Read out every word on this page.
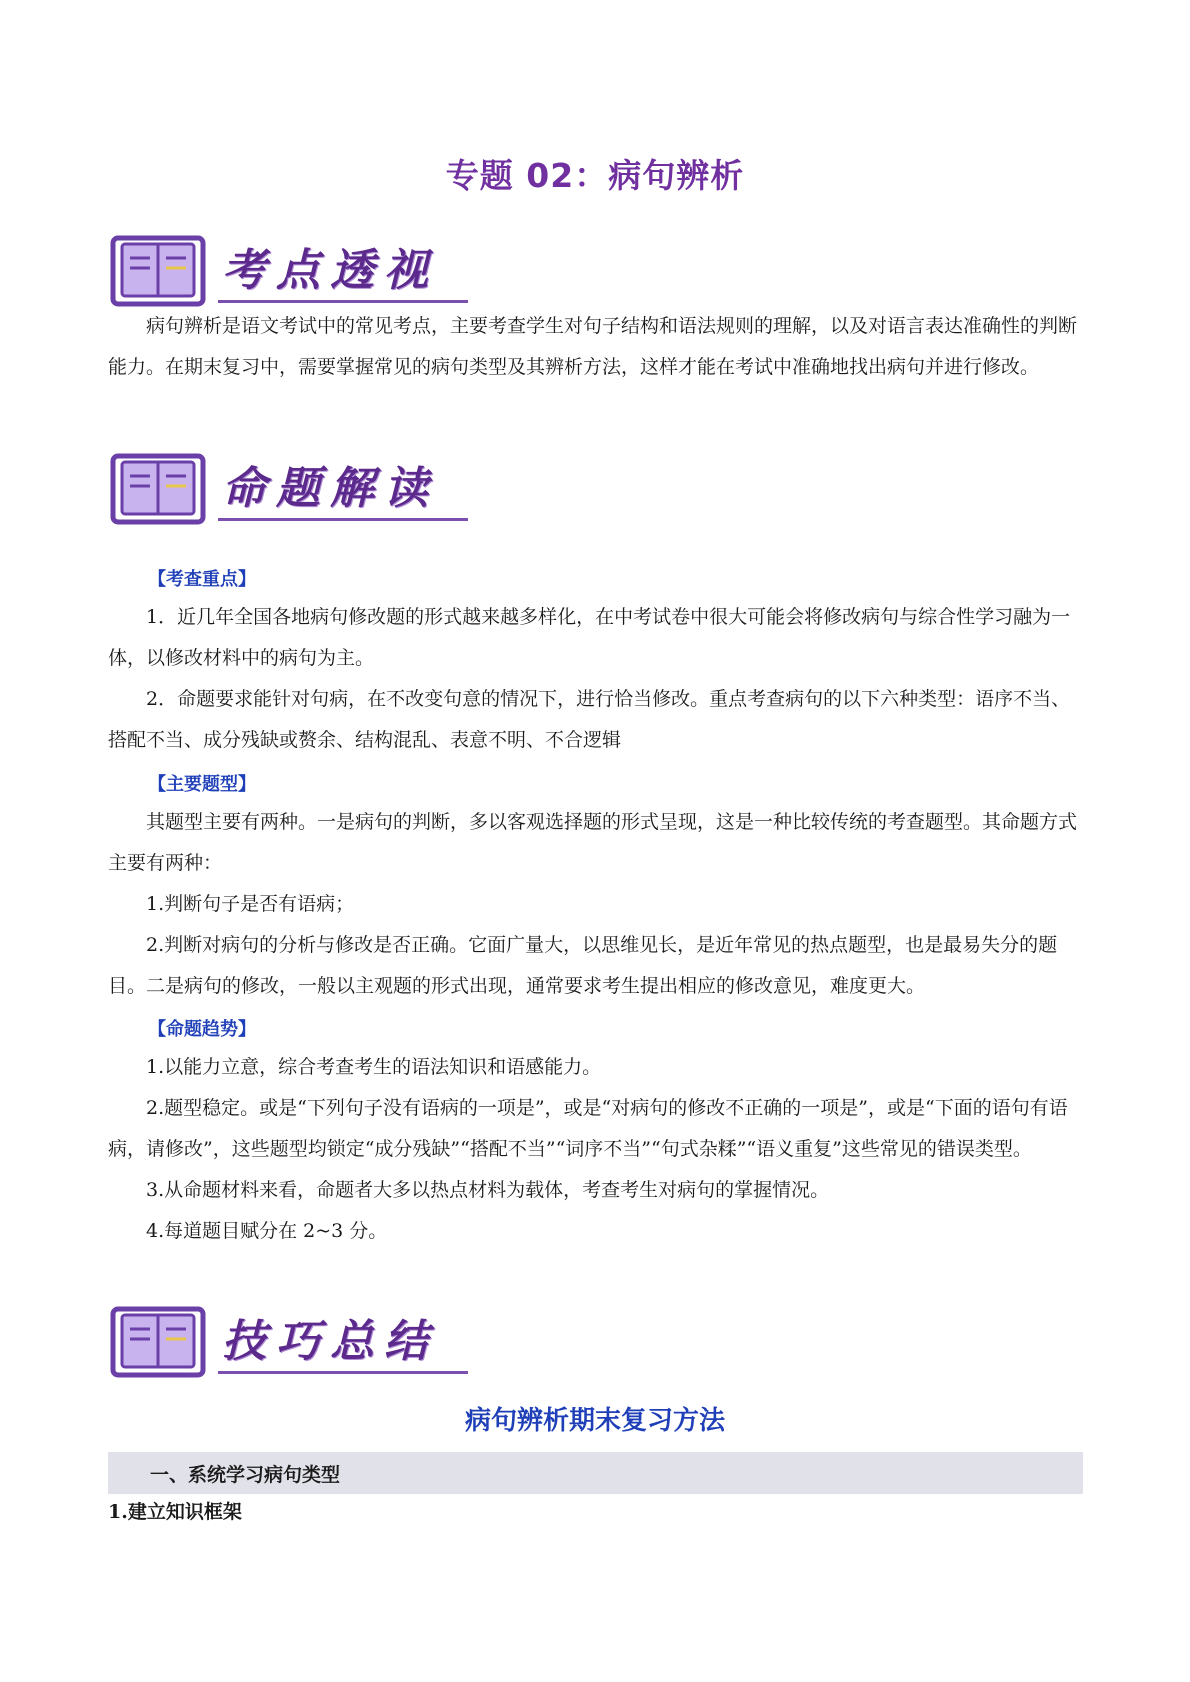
专题 02：病句辨析
考点透视

病句辨析是语文考试中的常见考点，主要考查学生对句子结构和语法规则的理解，以及对语言表达准确性的判断能力。在期末复习中，需要掌握常见的病句类型及其辨析方法，这样才能在考试中准确地找出病句并进行修改。

命题解读
【考查重点】

1．近几年全国各地病句修改题的形式越来越多样化，在中考试卷中很大可能会将修改病句与综合性学习融为一体，以修改材料中的病句为主。

2．命题要求能针对句病，在不改变句意的情况下，进行恰当修改。重点考查病句的以下六种类型：语序不当、搭配不当、成分残缺或赘余、结构混乱、表意不明、不合逻辑

【主要题型】

其题型主要有两种。一是病句的判断，多以客观选择题的形式呈现，这是一种比较传统的考查题型。其命题方式主要有两种：

1.判断句子是否有语病；

2.判断对病句的分析与修改是否正确。它面广量大，以思维见长，是近年常见的热点题型，也是最易失分的题目。二是病句的修改，一般以主观题的形式出现，通常要求考生提出相应的修改意见，难度更大。

【命题趋势】

1.以能力立意，综合考查考生的语法知识和语感能力。

2.题型稳定。或是“下列句子没有语病的一项是”，或是“对病句的修改不正确的一项是”，或是“下面的语句有语病，请修改”，这些题型均锁定“成分残缺”“搭配不当”“词序不当”“句式杂糅”“语义重复”这些常见的错误类型。

3.从命题材料来看，命题者大多以热点材料为载体，考查考生对病句的掌握情况。

4.每道题目赋分在 2~3 分。

技巧总结
病句辨析期末复习方法
一、系统学习病句类型
1.建立知识框架
